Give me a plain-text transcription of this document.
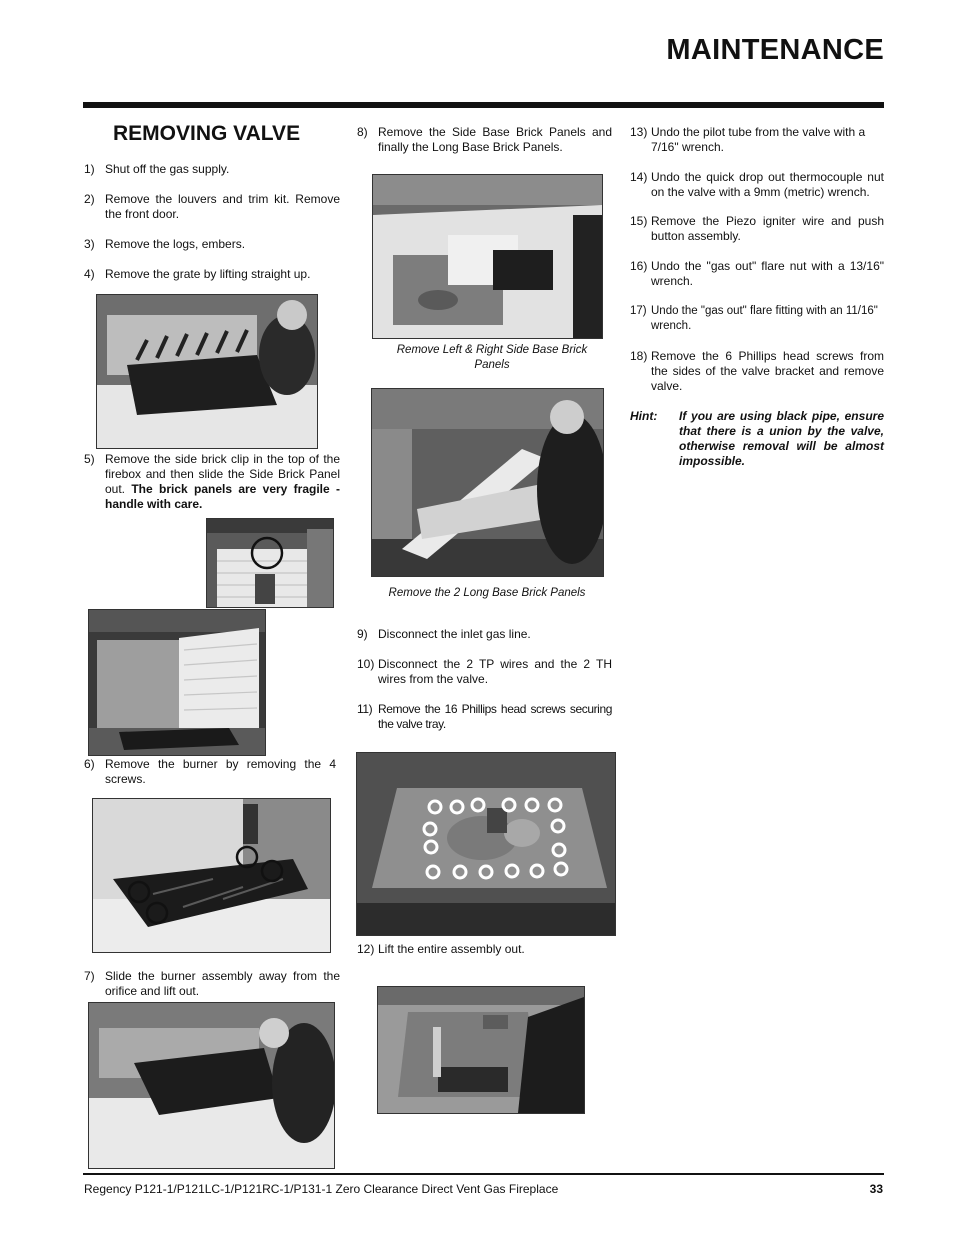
MAINTENANCE
REMOVING VALVE
1) Shut off the gas supply.
2) Remove the louvers and trim kit. Remove the front door.
3) Remove the logs, embers.
4) Remove the grate by lifting straight up.
5) Remove the side brick clip in the top of the firebox and then slide the Side Brick Panel out. The brick panels are very fragile - handle with care.
6) Remove the burner by removing the 4 screws.
7) Slide the burner assembly away from the orifice and lift out.
8) Remove the Side Base Brick Panels and finally the Long Base Brick Panels.
Remove Left & Right Side Base Brick Panels
Remove the 2 Long Base Brick Panels
9) Disconnect the inlet gas line.
10) Disconnect the 2 TP wires and the 2 TH wires from the valve.
11) Remove the 16 Phillips head screws securing the valve tray.
12) Lift the entire assembly out.
13) Undo the pilot tube from the valve with a 7/16" wrench.
14) Undo the quick drop out thermocouple nut on the valve with a 9mm (metric) wrench.
15) Remove the Piezo igniter wire and push button assembly.
16) Undo the "gas out" flare nut with a 13/16" wrench.
17) Undo the "gas out" flare fitting with an 11/16" wrench.
18) Remove the 6 Phillips head screws from the sides of the valve bracket and remove valve.
Hint: If you are using black pipe, ensure that there is a union by the valve, otherwise removal will be almost impossible.
Regency P121-1/P121LC-1/P121RC-1/P131-1 Zero Clearance Direct Vent Gas Fireplace	33
